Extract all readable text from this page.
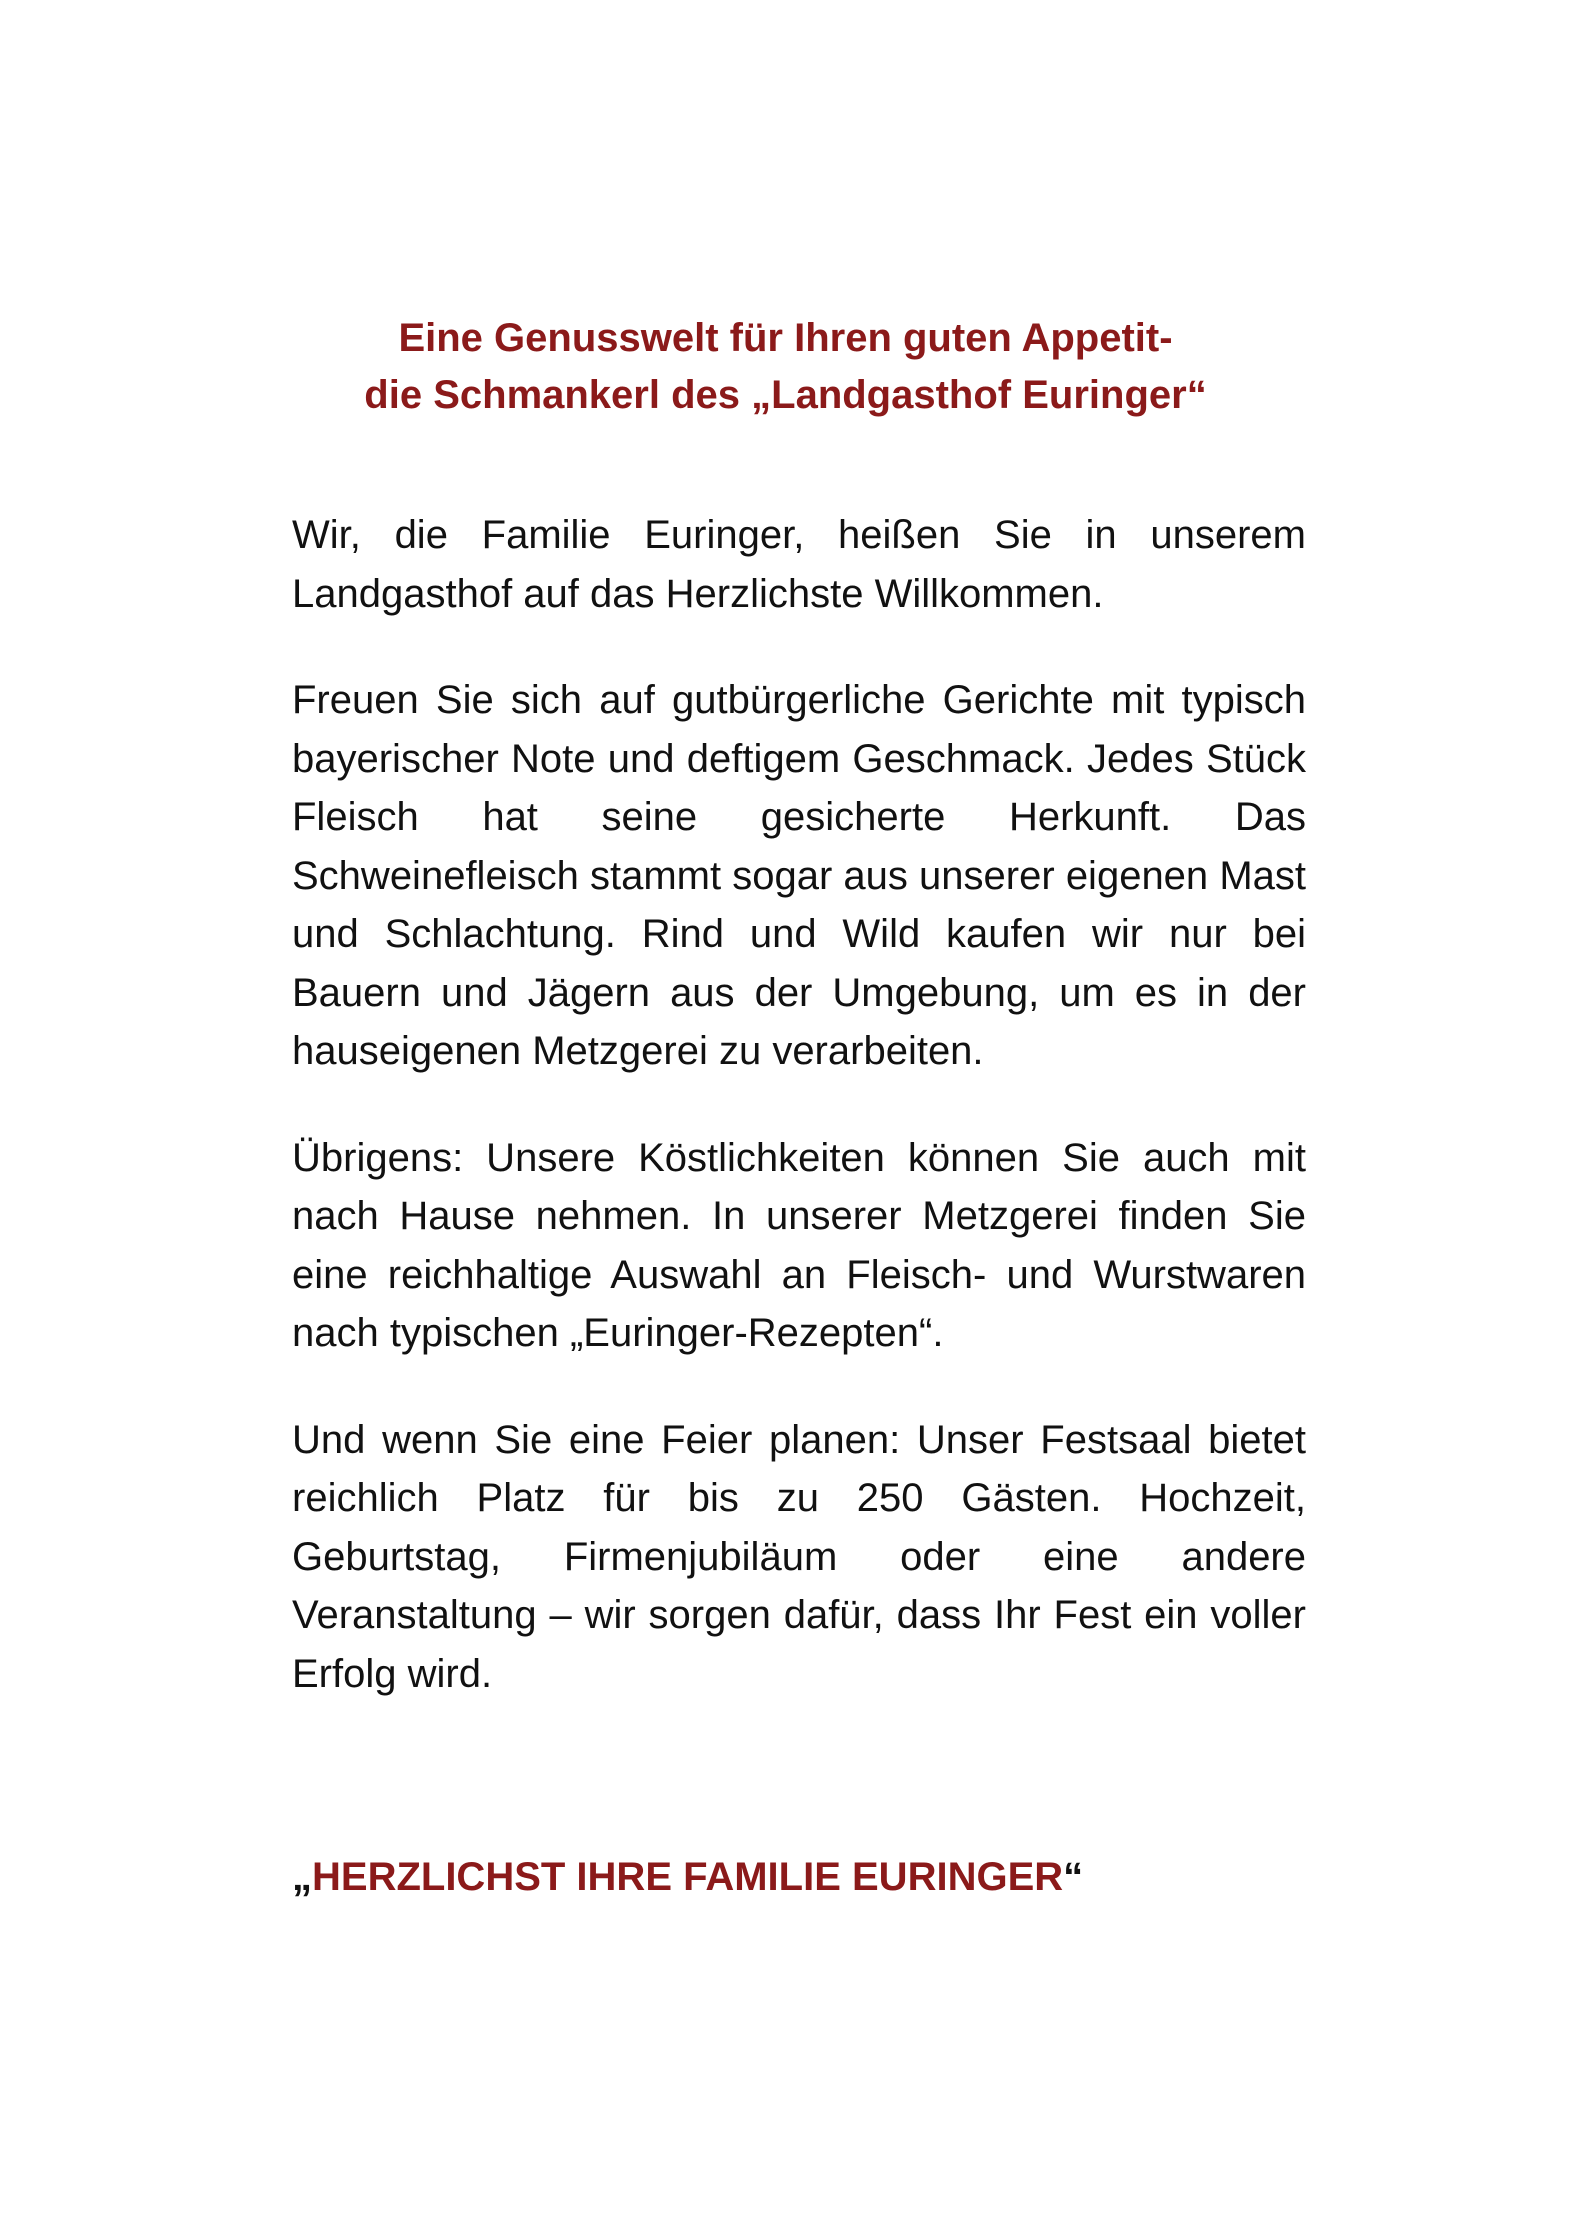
Eine Genusswelt für Ihren guten Appetit-
die Schmankerl des „Landgasthof Euringer“

Wir, die Familie Euringer, heißen Sie in unserem Landgasthof auf das Herzlichste Willkommen.

Freuen Sie sich auf gutbürgerliche Gerichte mit typisch bayerischer Note und deftigem Geschmack. Jedes Stück Fleisch hat seine gesicherte Herkunft. Das Schweinefleisch stammt sogar aus unserer eigenen Mast und Schlachtung. Rind und Wild kaufen wir nur bei Bauern und Jägern aus der Umgebung, um es in der hauseigenen Metzgerei zu verarbeiten.

Übrigens: Unsere Köstlichkeiten können Sie auch mit nach Hause nehmen. In unserer Metzgerei finden Sie eine reichhaltige Auswahl an Fleisch- und Wurstwaren nach typischen „Euringer-Rezepten“.

Und wenn Sie eine Feier planen: Unser Festsaal bietet reichlich Platz für bis zu 250 Gästen. Hochzeit, Geburtstag, Firmenjubiläum oder eine andere Veranstaltung – wir sorgen dafür, dass Ihr Fest ein voller Erfolg wird.

„HERZLICHST IHRE FAMILIE EURINGER“
